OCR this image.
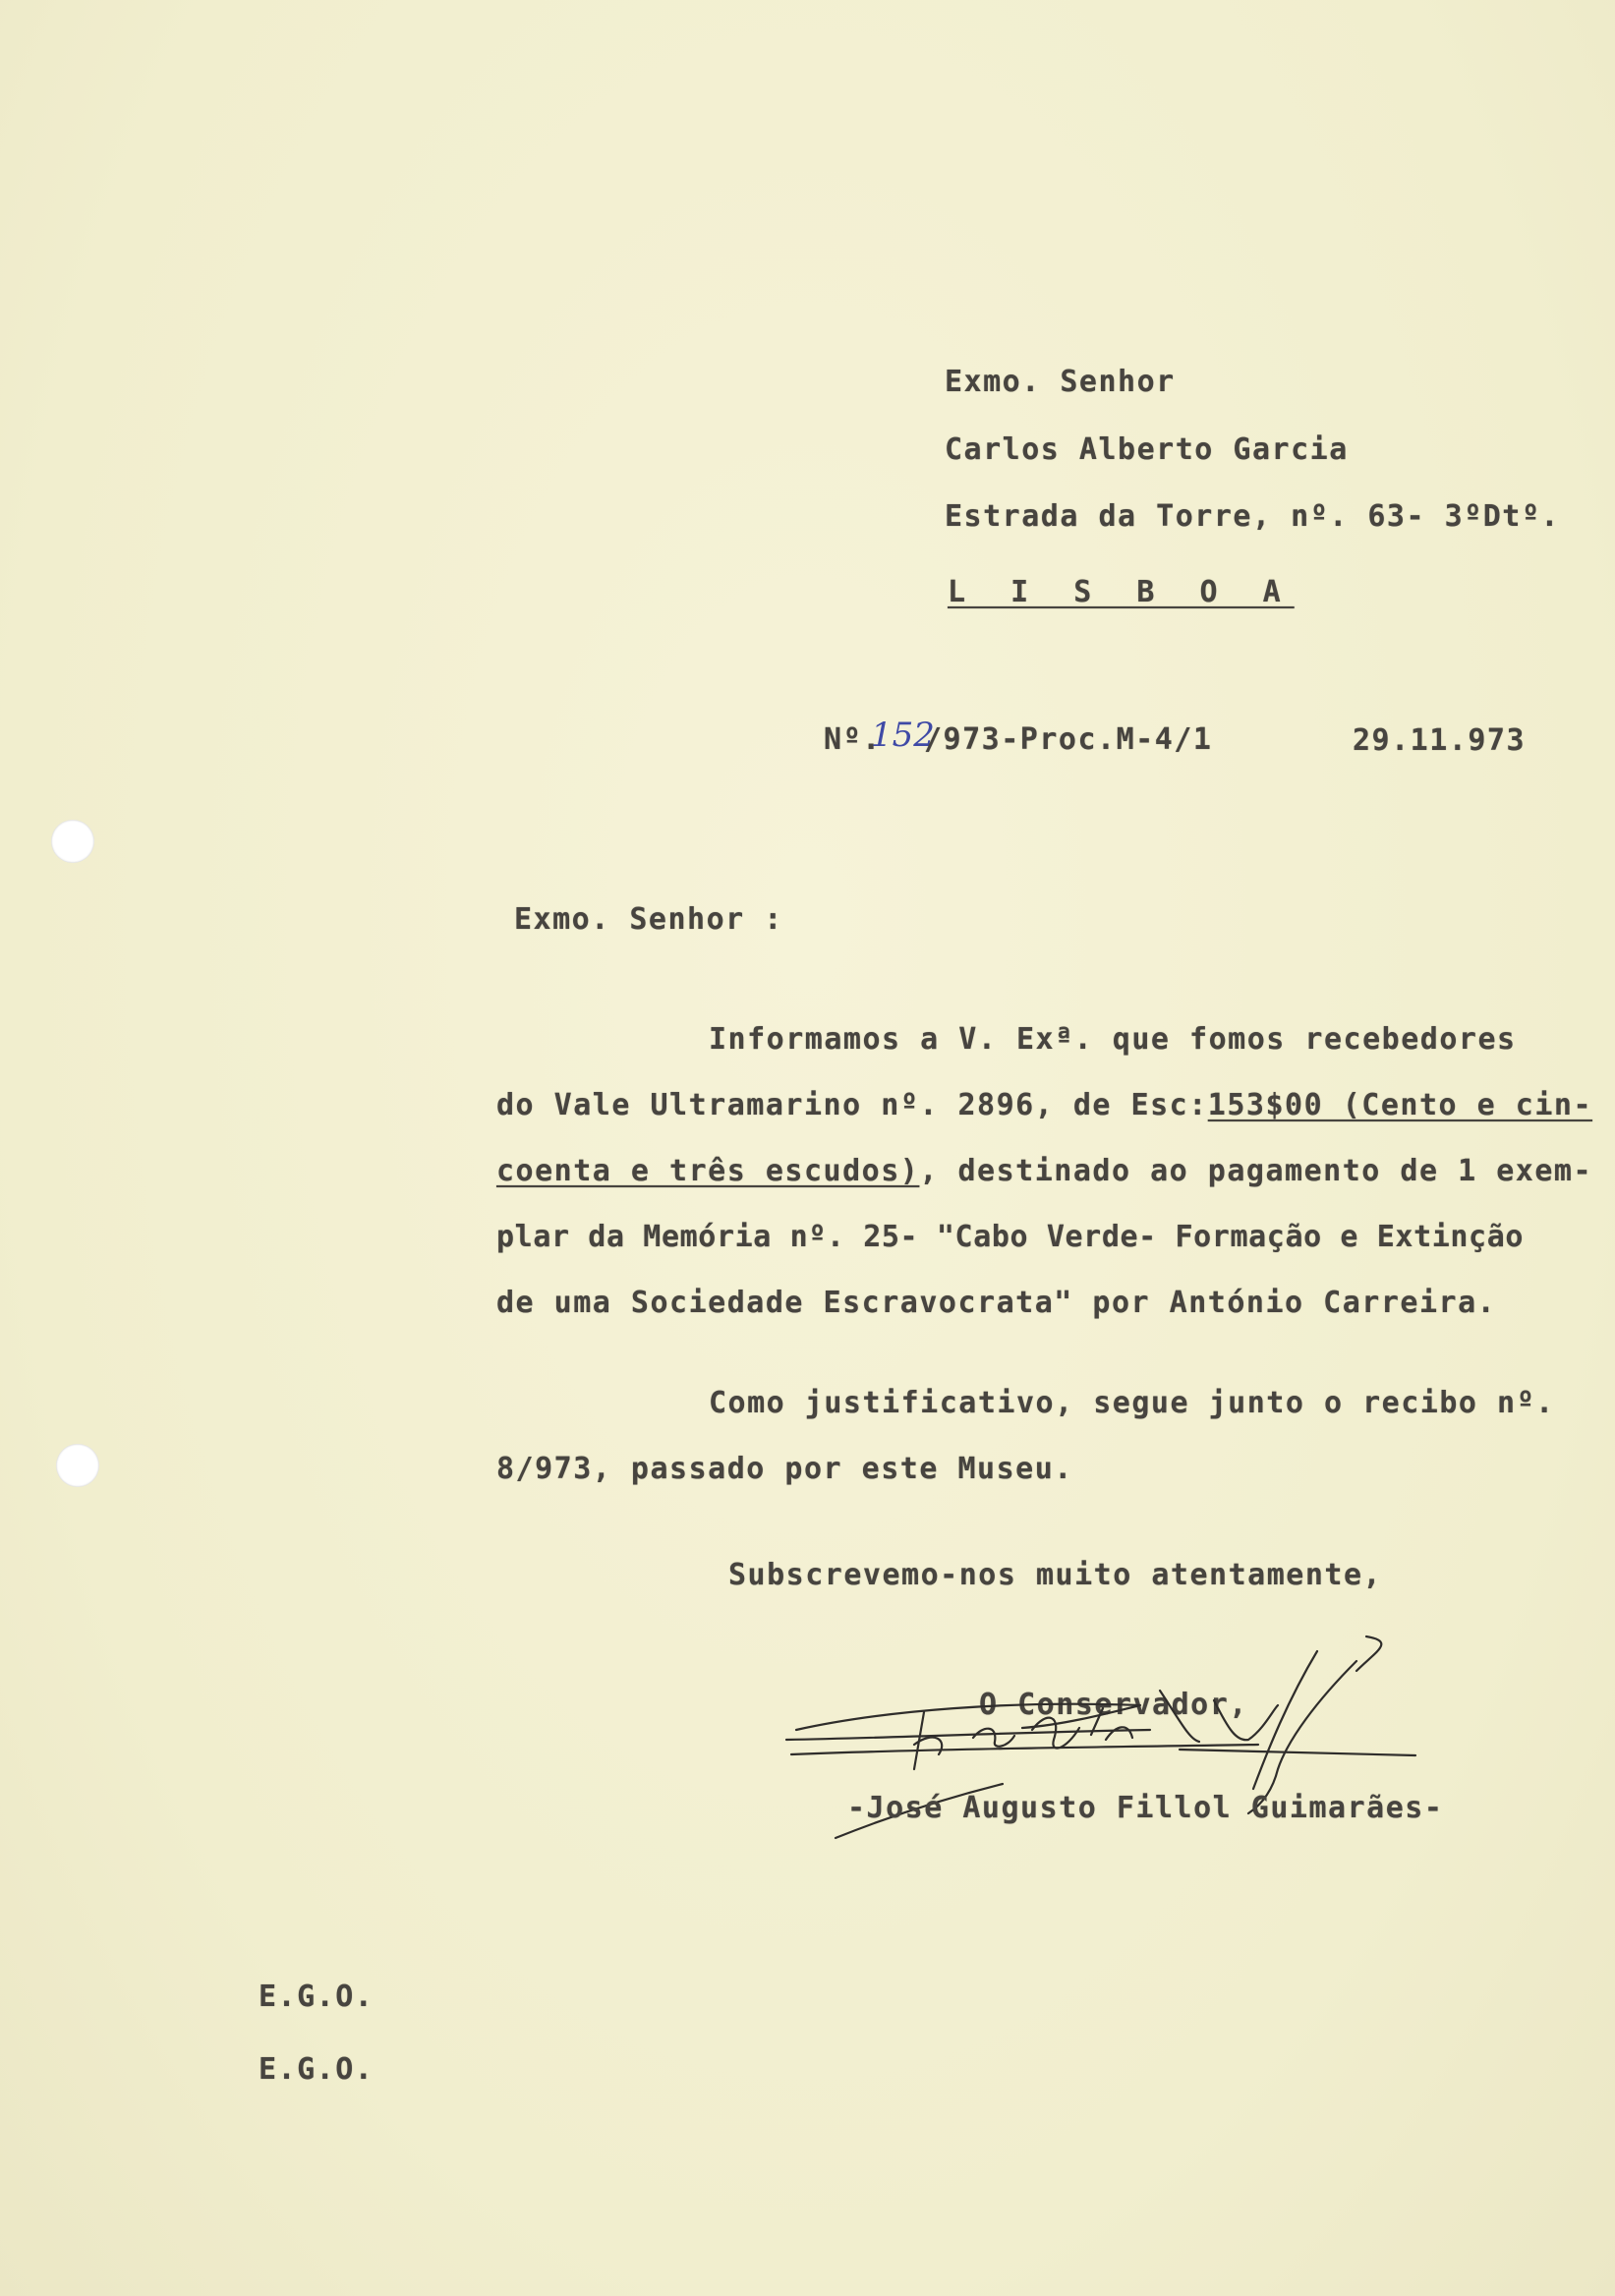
Exmo. Senhor
Carlos Alberto Garcia
Estrada da Torre, nº. 63- 3ºDtº.
L I S B O A
Nº.
152
/973-Proc.M-4/1	29.11.973
Exmo. Senhor :
Informamos a V. Exª. que fomos recebedores
do Vale Ultramarino nº. 2896, de Esc:153$00 (Cento e cin-
coenta e três escudos), destinado ao pagamento de 1 exem-
plar da Memória nº. 25- "Cabo Verde- Formação e Extinção
de uma Sociedade Escravocrata" por António Carreira.
Como justificativo, segue junto o recibo nº.
8/973, passado por este Museu.
Subscrevemo-nos muito atentamente,
O Conservador,
-José Augusto Fillol Guimarães-
E.G.O.
E.G.O.
